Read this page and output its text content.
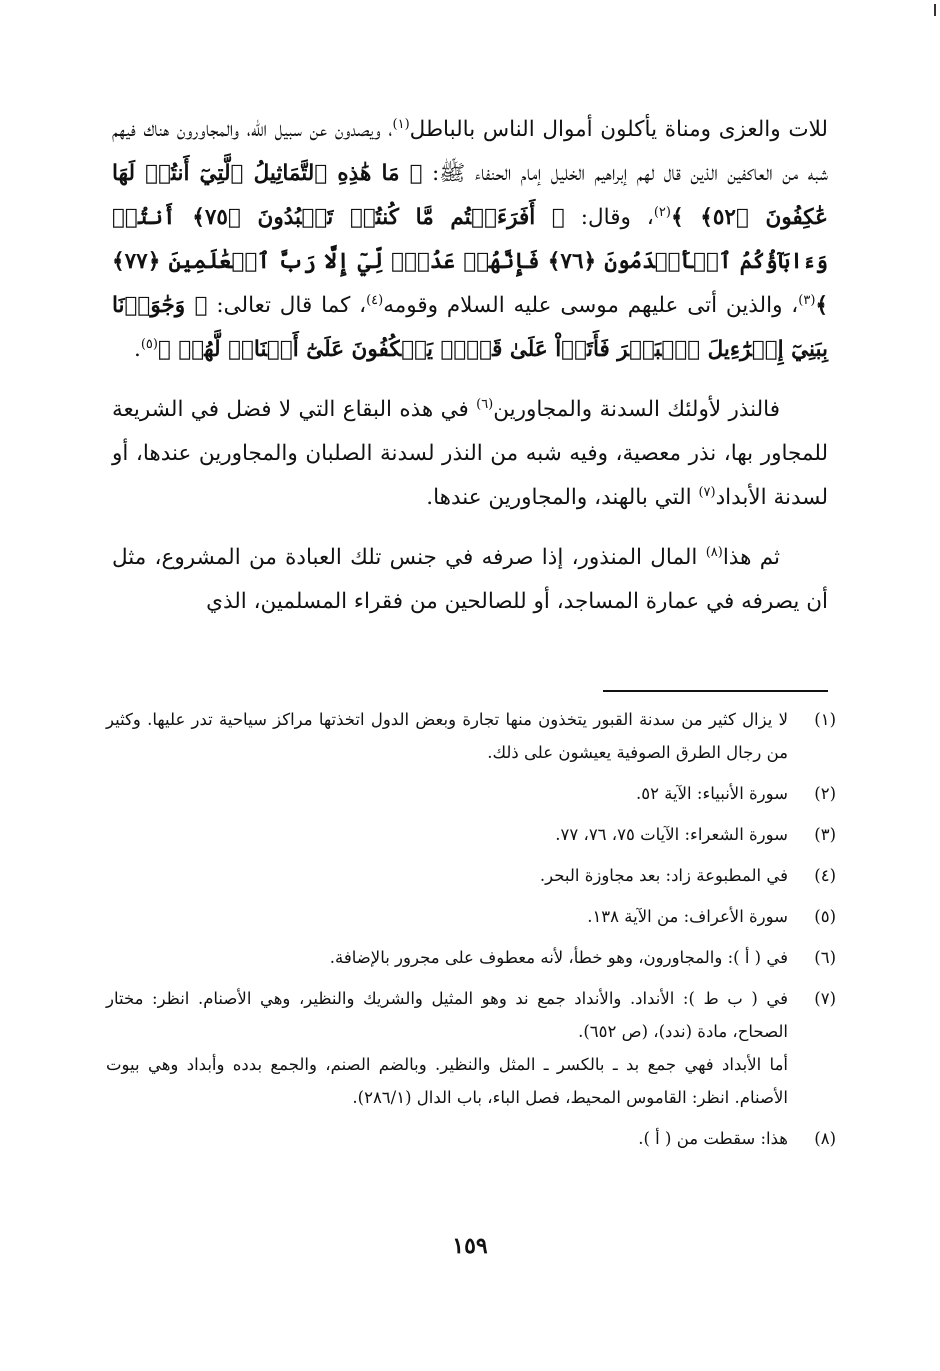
للات والعزى ومناة يأكلون أموال الناس بالباطل$^{(١)}$، ويصدون عن سبيل الله، والمجاورون هناك فيهم شبه من العاكفين الذين قال لهم إبراهيم الخليل إمام الحنفاء ﷺ: ﴿ مَا هَٰذِهِ ٱلتَّمَاثِيلُ ٱلَّتِيٓ أَنتُمۡ لَهَا عَٰكِفُونَ ﴿٥٢﴾ ﴾$^{(٢)}$، وقال: ﴿ أَفَرَءَيۡتُم مَّا كُنتُمۡ تَعۡبُدُونَ ﴿٧٥﴾ أَنتُمۡ وَءَابَآؤُكُمُ ٱلۡأَقۡدَمُونَ ﴿٧٦﴾ فَإِنَّهُمۡ عَدُوّٞ لِّيٓ إِلَّا رَبَّ ٱلۡعَٰلَمِينَ ﴿٧٧﴾ ﴾$^{(٣)}$، والذين أتى عليهم موسى عليه السلام وقومه$^{(٤)}$، كما قال تعالى: ﴿ وَجَٰوَزۡنَا بِبَنِيٓ إِسۡرَٰٓءِيلَ ٱلۡبَحۡرَ فَأَتَوۡاْ عَلَىٰ قَوۡمٖ يَعۡكُفُونَ عَلَىٰٓ أَصۡنَامٖ لَّهُمۡ ﴾$^{(٥)}$.

فالنذر لأولئك السدنة والمجاورين$^{(٦)}$ في هذه البقاع التي لا فضل في الشريعة للمجاور بها، نذر معصية، وفيه شبه من النذر لسدنة الصلبان والمجاورين عندها، أو لسدنة الأبداد$^{(٧)}$ التي بالهند، والمجاورين عندها.

ثم هذا$^{(٨)}$ المال المنذور، إذا صرفه في جنس تلك العبادة من المشروع، مثل أن يصرفه في عمارة المساجد، أو للصالحين من فقراء المسلمين، الذي

(١)
لا يزال كثير من سدنة القبور يتخذون منها تجارة وبعض الدول اتخذتها مراكز سياحية تدر عليها. وكثير من رجال الطرق الصوفية يعيشون على ذلك.
(٢)
سورة الأنبياء: الآية ٥٢.
(٣)
سورة الشعراء: الآيات ٧٥، ٧٦، ٧٧.
(٤)
في المطبوعة زاد: بعد مجاوزة البحر.
(٥)
سورة الأعراف: من الآية ١٣٨.
(٦)
في ( أ ): والمجاورون، وهو خطأ، لأنه معطوف على مجرور بالإضافة.
(٧)
في ( ب ط ): الأنداد. والأنداد جمع ند وهو المثيل والشريك والنظير، وهي الأصنام. انظر: مختار الصحاح، مادة (ندد)، (ص ٦٥٢).
أما الأبداد فهي جمع بد ـ بالكسر ـ المثل والنظير. وبالضم الصنم، والجمع بدده وأبداد وهي بيوت الأصنام. انظر: القاموس المحيط، فصل الباء، باب الدال (٢٨٦/١).
(٨)
هذا: سقطت من ( أ ).
١٥٩
